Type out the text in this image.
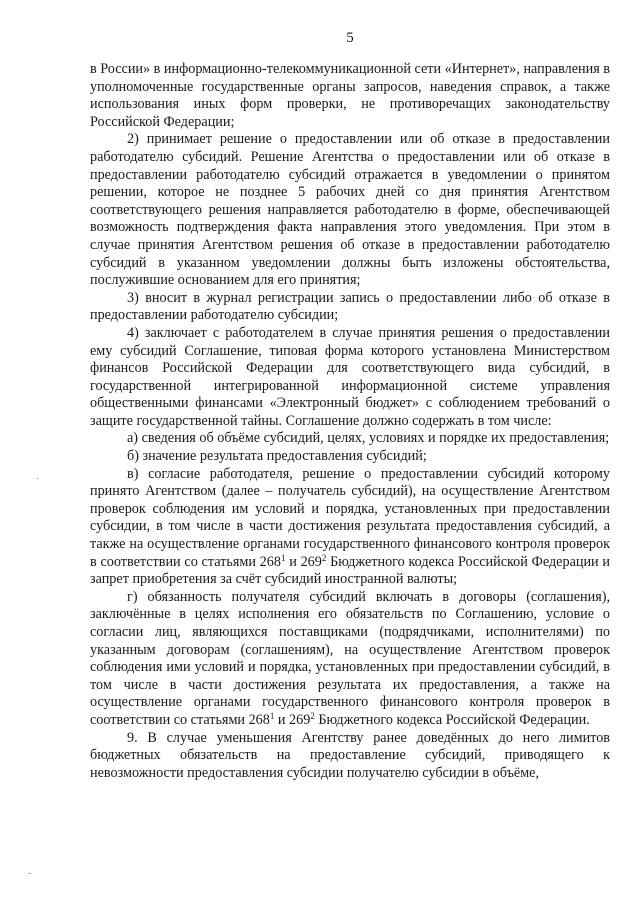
5

в России» в информационно-телекоммуникационной сети «Интернет», направления в уполномоченные государственные органы запросов, наведения справок, а также использования иных форм проверки, не противоречащих законодательству Российской Федерации;

2) принимает решение о предоставлении или об отказе в предоставлении работодателю субсидий. Решение Агентства о предоставлении или об отказе в предоставлении работодателю субсидий отражается в уведомлении о принятом решении, которое не позднее 5 рабочих дней со дня принятия Агентством соответствующего решения направляется работодателю в форме, обеспечивающей возможность подтверждения факта направления этого уведомления. При этом в случае принятия Агентством решения об отказе в предоставлении работодателю субсидий в указанном уведомлении должны быть изложены обстоятельства, послужившие основанием для его принятия;

3) вносит в журнал регистрации запись о предоставлении либо об отказе в предоставлении работодателю субсидии;

4) заключает с работодателем в случае принятия решения о предоставлении ему субсидий Соглашение, типовая форма которого установлена Министерством финансов Российской Федерации для соответствующего вида субсидий, в государственной интегрированной информационной системе управления общественными финансами «Электронный бюджет» с соблюдением требований о защите государственной тайны. Соглашение должно содержать в том числе:

а) сведения об объёме субсидий, целях, условиях и порядке их предоставления;

б) значение результата предоставления субсидий;

в) согласие работодателя, решение о предоставлении субсидий которому принято Агентством (далее – получатель субсидий), на осуществление Агентством проверок соблюдения им условий и порядка, установленных при предоставлении субсидии, в том числе в части достижения результата предоставления субсидий, а также на осуществление органами государственного финансового контроля проверок в соответствии со статьями $268^1$ и $269^2$ Бюджетного кодекса Российской Федерации и запрет приобретения за счёт субсидий иностранной валюты;

г) обязанность получателя субсидий включать в договоры (соглашения), заключённые в целях исполнения его обязательств по Соглашению, условие о согласии лиц, являющихся поставщиками (подрядчиками, исполнителями) по указанным договорам (соглашениям), на осуществление Агентством проверок соблюдения ими условий и порядка, установленных при предоставлении субсидий, в том числе в части достижения результата их предоставления, а также на осуществление органами государственного финансового контроля проверок в соответствии со статьями $268^1$ и $269^2$ Бюджетного кодекса Российской Федерации.

9. В случае уменьшения Агентству ранее доведённых до него лимитов бюджетных обязательств на предоставление субсидий, приводящего к невозможности предоставления субсидии получателю субсидии в объёме,

·
-
